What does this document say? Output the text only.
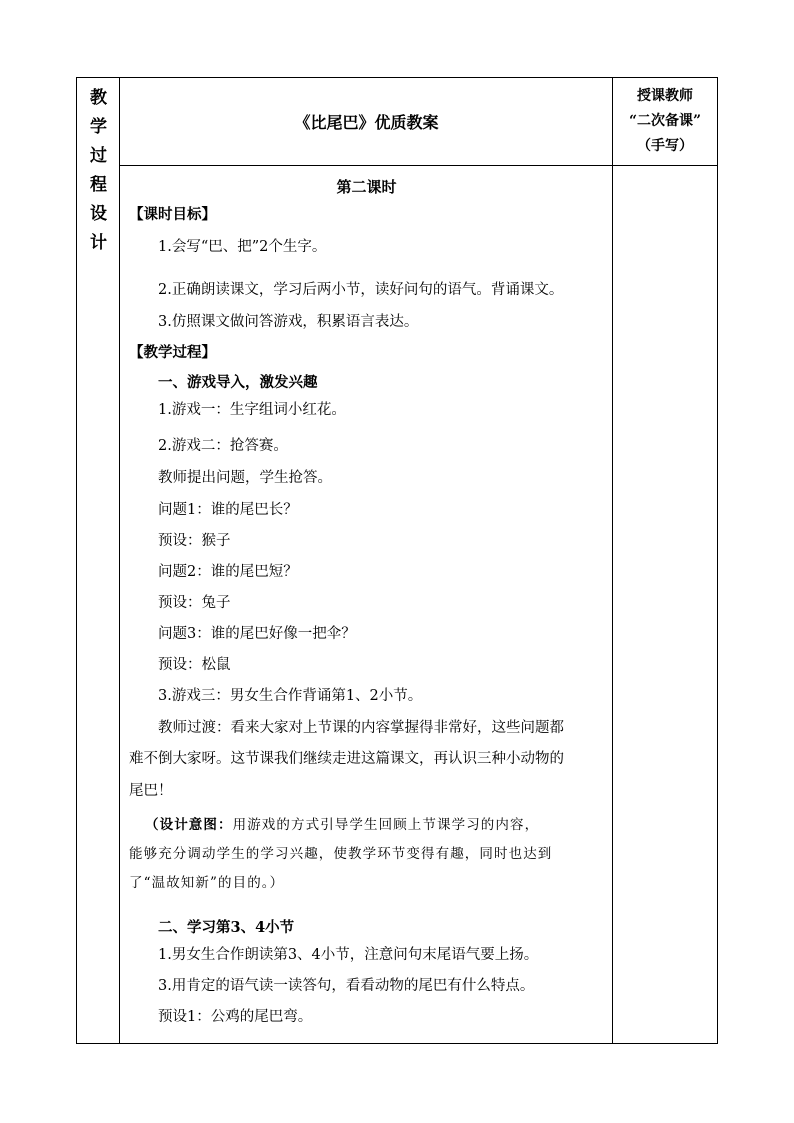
教
学
过
程
设
计
《比尾巴》优质教案
授课教师
“二次备课”
（手写）
第二课时
【课时目标】
1.会写“巴、把”2个生字。
2.正确朗读课文，学习后两小节，读好问句的语气。背诵课文。
3.仿照课文做问答游戏，积累语言表达。
【教学过程】
一、游戏导入，激发兴趣
1.游戏一：生字组词小红花。
2.游戏二：抢答赛。
教师提出问题，学生抢答。
问题1：谁的尾巴长？
预设：猴子
问题2：谁的尾巴短？
预设：兔子
问题3：谁的尾巴好像一把伞？
预设：松鼠
3.游戏三：男女生合作背诵第1、2小节。
教师过渡：看来大家对上节课的内容掌握得非常好，这些问题都
难不倒大家呀。这节课我们继续走进这篇课文，再认识三种小动物的
尾巴！
（设计意图：用游戏的方式引导学生回顾上节课学习的内容，
能够充分调动学生的学习兴趣，使教学环节变得有趣，同时也达到
了“温故知新”的目的。）
二、学习第3、4小节
1.男女生合作朗读第3、4小节，注意问句末尾语气要上扬。
3.用肯定的语气读一读答句，看看动物的尾巴有什么特点。
预设1：公鸡的尾巴弯。
